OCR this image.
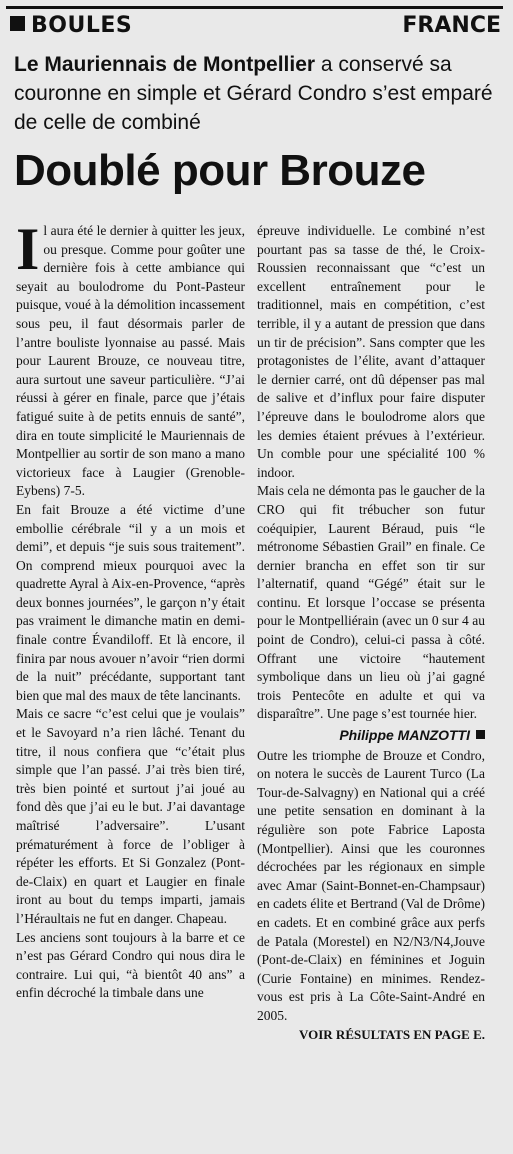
BOULES	FRANCE
Le Mauriennais de Montpellier a conservé sa couronne en simple et Gérard Condro s’est emparé de celle de combiné
Doublé pour Brouze

Il aura été le dernier à quitter les jeux, ou presque. Comme pour goûter une dernière fois à cette ambiance qui seyait au boulodrome du Pont-Pasteur puisque, voué à la démolition incassement sous peu, il faut désormais parler de l’antre bouliste lyonnaise au passé. Mais pour Laurent Brouze, ce nouveau titre, aura surtout une saveur particulière. “J’ai réussi à gérer en finale, parce que j’étais fatigué suite à de petits ennuis de santé”, dira en toute simplicité le Mauriennais de Montpellier au sortir de son mano a mano victorieux face à Laugier (Grenoble-Eybens) 7-5.

En fait Brouze a été victime d’une embollie cérébrale “il y a un mois et demi”, et depuis “je suis sous traitement”. On comprend mieux pourquoi avec la quadrette Ayral à Aix-en-Provence, “après deux bonnes journées”, le garçon n’y était pas vraiment le dimanche matin en demi-finale contre Évandiloff. Et là encore, il finira par nous avouer n’avoir “rien dormi de la nuit” précédante, supportant tant bien que mal des maux de tête lancinants.

Mais ce sacre “c’est celui que je voulais” et le Savoyard n’a rien lâché. Tenant du titre, il nous confiera que “c’était plus simple que l’an passé. J’ai très bien tiré, très bien pointé et surtout j’ai joué au fond dès que j’ai eu le but. J’ai davantage maîtrisé l’adversaire”. L’usant prématurément à force de l’obliger à répéter les efforts. Et Si Gonzalez (Pont-de-Claix) en quart et Laugier en finale iront au bout du temps imparti, jamais l’Héraultais ne fut en danger. Chapeau.

Les anciens sont toujours à la barre et ce n’est pas Gérard Condro qui nous dira le contraire. Lui qui, “à bientôt 40 ans” a enfin décroché la timbale dans une

épreuve individuelle. Le combiné n’est pourtant pas sa tasse de thé, le Croix-Roussien reconnaissant que “c’est un excellent entraînement pour le traditionnel, mais en compétition, c’est terrible, il y a autant de pression que dans un tir de précision”. Sans compter que les protagonistes de l’élite, avant d’attaquer le dernier carré, ont dû dépenser pas mal de salive et d’influx pour faire disputer l’épreuve dans le boulodrome alors que les demies étaient prévues à l’extérieur. Un comble pour une spécialité 100 % indoor.

Mais cela ne démonta pas le gaucher de la CRO qui fit trébucher son futur coéquipier, Laurent Béraud, puis “le métronome Sébastien Grail” en finale. Ce dernier brancha en effet son tir sur l’alternatif, quand “Gégé” était sur le continu. Et lorsque l’occase se présenta pour le Montpelliérain (avec un 0 sur 4 au point de Condro), celui-ci passa à côté. Offrant une victoire “hautement symbolique dans un lieu où j’ai gagné trois Pentecôte en adulte et qui va disparaître”. Une page s’est tournée hier.

Philippe MANZOTTI

Outre les triomphe de Brouze et Condro, on notera le succès de Laurent Turco (La Tour-de-Salvagny) en National qui a créé une petite sensation en dominant à la régulière son pote Fabrice Laposta (Montpellier). Ainsi que les couronnes décrochées par les régionaux en simple avec Amar (Saint-Bonnet-en-Champsaur) en cadets élite et Bertrand (Val de Drôme) en cadets. Et en combiné grâce aux perfs de Patala (Morestel) en N2/N3/N4,Jouve (Pont-de-Claix) en féminines et Joguin (Curie Fontaine) en minimes. Rendez-vous est pris à La Côte-Saint-André en 2005.

VOIR RÉSULTATS EN PAGE E.
